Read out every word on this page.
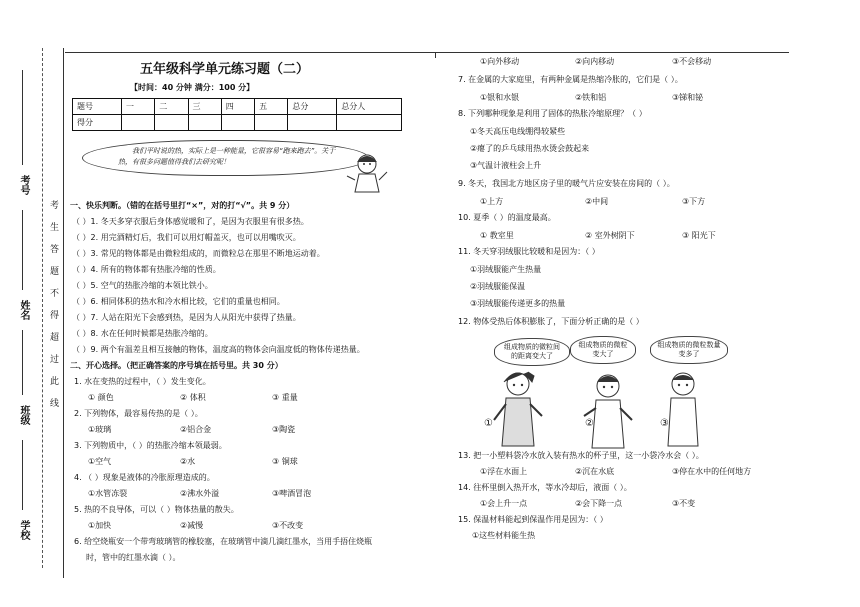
学校
班级
姓名
考号
考生答题不得超过此线
五年级科学单元练习题（二）
【时间：40 分钟 满分：100 分】
题号	一	二	三	四	五	总分	总分人
得分							
我们平时说的热，实际上是一种能量，它很容易“跑来跑去”。关于
热，有很多问题值得我们去研究呢！
一、快乐判断。（错的在括号里打“×”，对的打“√”。共 9 分）
（ ）1. 冬天多穿衣服后身体感觉暖和了，是因为衣服里有很多热。
（ ）2. 用完酒精灯后，我们可以用灯帽盖灭，也可以用嘴吹灭。
（ ）3. 常见的物体都是由微粒组成的，而微粒总在那里不断地运动着。
（ ）4. 所有的物体都有热胀冷缩的性质。
（ ）5. 空气的热胀冷缩的本领比铁小。
（ ）6. 相同体积的热水和冷水相比较，它们的重量也相同。
（ ）7. 人站在阳光下会感到热，是因为人从阳光中获得了热量。
（ ）8. 水在任何时候都是热胀冷缩的。
（ ）9. 两个有温差且相互接触的物体，温度高的物体会向温度低的物体传递热量。
二、开心选择。（把正确答案的序号填在括号里。共 30 分）
1. 水在变热的过程中，（ ）发生变化。
① 颜色	② 体积	③ 重量
2. 下列物体，最容易传热的是（ ）。
①玻璃	②铝合金	③陶瓷
3. 下列物质中，（ ）的热胀冷缩本领最弱。
①空气	②水	③ 铜球
4. （ ）现象是液体的冷胀原理造成的。
①水管冻裂	②沸水外溢	③啤酒冒泡
5. 热的不良导体，可以（ ）物体热量的散失。
①加快	②减慢	③不改变
6. 给空烧瓶安一个带弯玻璃管的橡胶塞，在玻璃管中滴几滴红墨水，当用手捂住烧瓶
时，管中的红墨水滴（ ）。
①向外移动	②向内移动	③不会移动
7. 在金属的大家庭里，有两种金属是热缩冷胀的，它们是（ ）。
①银和水银	②铁和铝	③锑和铋
8. 下列哪种现象是利用了固体的热胀冷缩原理？（ ）
①冬天高压电线绷得较紧些
②瘪了的乒乓球用热水烫会鼓起来
③气温计液柱会上升
9. 冬天，我国北方地区房子里的暖气片应安装在房间的（ ）。
①上方	②中间	③下方
10. 夏季（ ）的温度最高。
① 教室里	② 室外树阴下	③ 阳光下
11. 冬天穿羽绒服比较暖和是因为：（ ）
①羽绒服能产生热量
②羽绒服能保温
③羽绒服能传递更多的热量
12. 物体受热后体积膨胀了，下面分析正确的是（ ）
组成物质的微粒间的距离变大了
组成物质的微粒变大了
组成物质的微粒数量变多了
①	②	③
13. 把一小塑料袋冷水放入装有热水的杯子里，这一小袋冷水会（ ）。
①浮在水面上	②沉在水底	③停在水中的任何地方
14. 往杯里倒入热开水，等水冷却后，液面（ ）。
①会上升一点	②会下降一点	③不变
15. 保温材料能起到保温作用是因为：（ ）
①这些材料能生热
